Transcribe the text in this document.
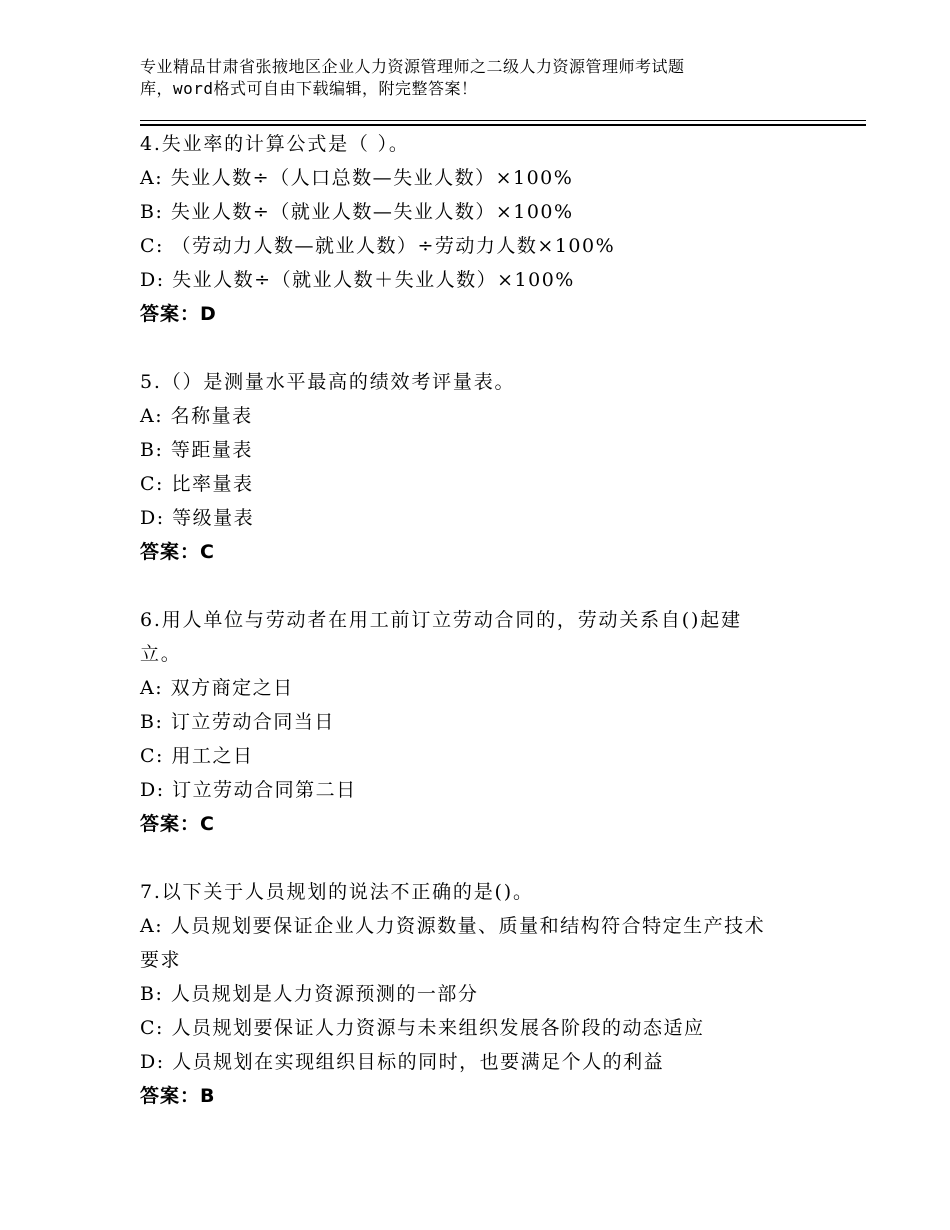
专业精品甘肃省张掖地区企业人力资源管理师之二级人力资源管理师考试题
库，word格式可自由下载编辑，附完整答案！
4.失业率的计算公式是（ ）。
A: 失业人数÷（人口总数—失业人数）×100%
B: 失业人数÷（就业人数—失业人数）×100%
C: （劳动力人数—就业人数）÷劳动力人数×100%
D: 失业人数÷（就业人数＋失业人数）×100%
答案：D
5.（）是测量水平最高的绩效考评量表。
A: 名称量表
B: 等距量表
C: 比率量表
D: 等级量表
答案：C
6.用人单位与劳动者在用工前订立劳动合同的，劳动关系自()起建
立。
A: 双方商定之日
B: 订立劳动合同当日
C: 用工之日
D: 订立劳动合同第二日
答案：C
7.以下关于人员规划的说法不正确的是()。
A: 人员规划要保证企业人力资源数量、质量和结构符合特定生产技术
要求
B: 人员规划是人力资源预测的一部分
C: 人员规划要保证人力资源与未来组织发展各阶段的动态适应
D: 人员规划在实现组织目标的同时，也要满足个人的利益
答案：B
